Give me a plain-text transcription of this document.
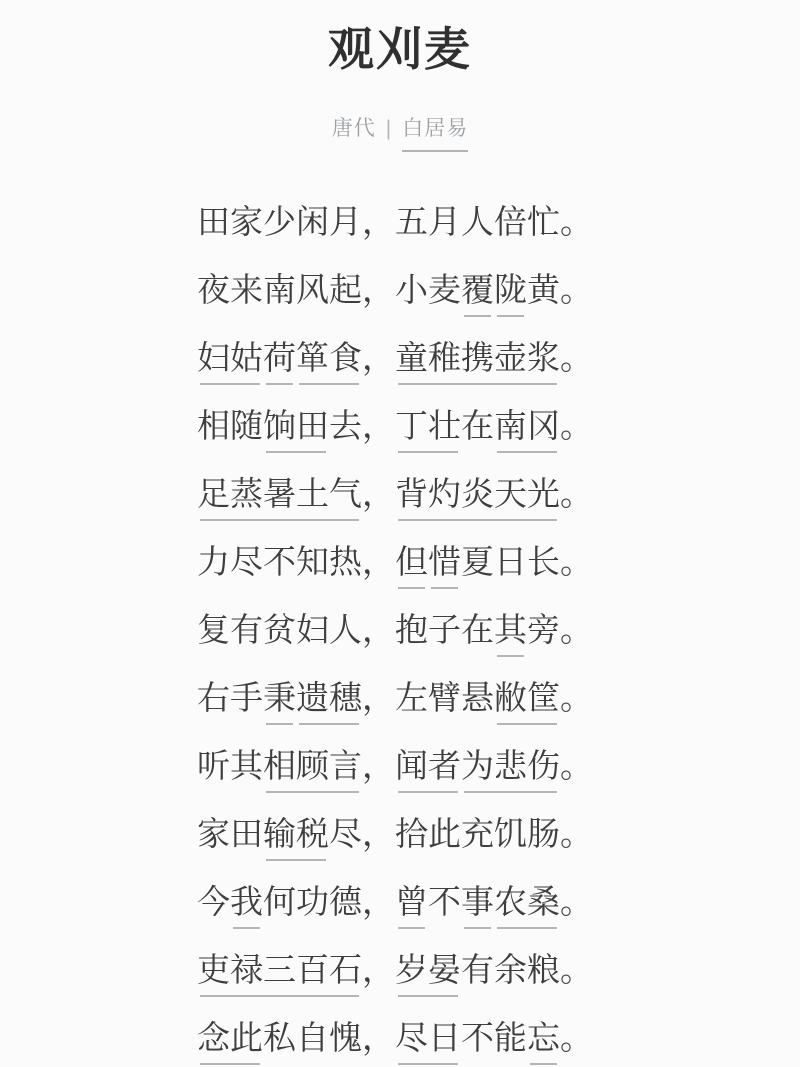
观刈麦
唐代 | 白居易
田家少闲月，五月人倍忙。
夜来南风起，小麦覆陇黄。
妇姑荷箪食，童稚携壶浆。
相随饷田去，丁壮在南冈。
足蒸暑土气，背灼炎天光。
力尽不知热，但惜夏日长。
复有贫妇人，抱子在其旁。
右手秉遗穗，左臂悬敝筐。
听其相顾言，闻者为悲伤。
家田输税尽，拾此充饥肠。
今我何功德，曾不事农桑。
吏禄三百石，岁晏有余粮。
念此私自愧，尽日不能忘。
